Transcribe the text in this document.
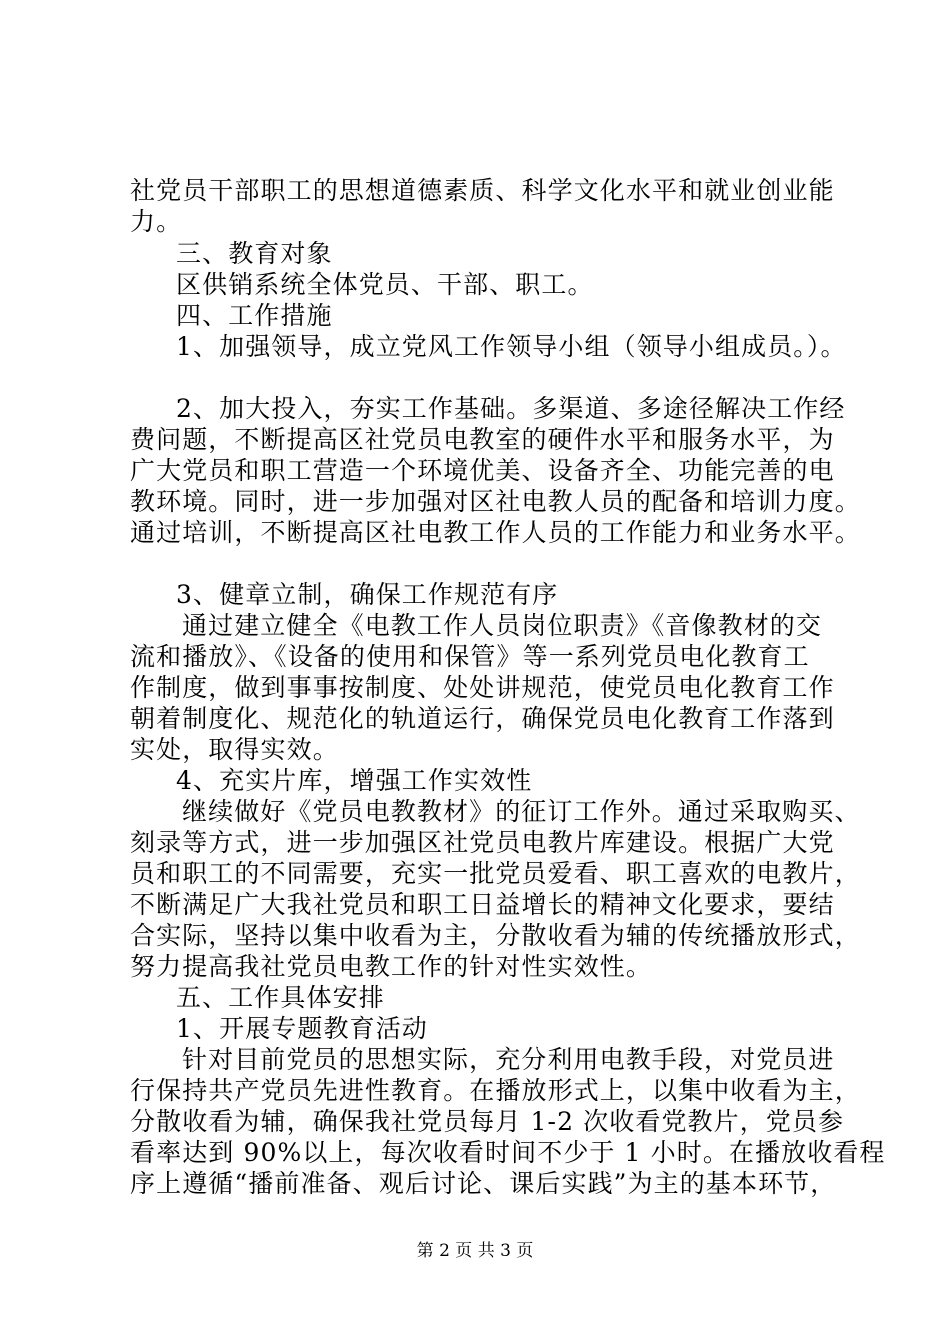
社党员干部职工的思想道德素质、科学文化水平和就业创业能
力。
三、教育对象
区供销系统全体党员、干部、职工。
四、工作措施
1、加强领导，成立党风工作领导小组（领导小组成员。）。
2、加大投入，夯实工作基础。多渠道、多途径解决工作经
费问题，不断提高区社党员电教室的硬件水平和服务水平，为
广大党员和职工营造一个环境优美、设备齐全、功能完善的电
教环境。同时，进一步加强对区社电教人员的配备和培训力度。
通过培训，不断提高区社电教工作人员的工作能力和业务水平。
3、健章立制，确保工作规范有序
通过建立健全《电教工作人员岗位职责》《音像教材的交
流和播放》、《设备的使用和保管》等一系列党员电化教育工
作制度，做到事事按制度、处处讲规范，使党员电化教育工作
朝着制度化、规范化的轨道运行，确保党员电化教育工作落到
实处，取得实效。
4、充实片库，增强工作实效性
继续做好《党员电教教材》的征订工作外。通过采取购买、
刻录等方式，进一步加强区社党员电教片库建设。根据广大党
员和职工的不同需要，充实一批党员爱看、职工喜欢的电教片，
不断满足广大我社党员和职工日益增长的精神文化要求，要结
合实际，坚持以集中收看为主，分散收看为辅的传统播放形式，
努力提高我社党员电教工作的针对性实效性。
五、工作具体安排
1、开展专题教育活动
针对目前党员的思想实际，充分利用电教手段，对党员进
行保持共产党员先进性教育。在播放形式上，以集中收看为主，
分散收看为辅，确保我社党员每月 1-2 次收看党教片，党员参
看率达到 90%以上，每次收看时间不少于 1 小时。在播放收看程
序上遵循“播前准备、观后讨论、课后实践”为主的基本环节，
第 2 页 共 3 页
